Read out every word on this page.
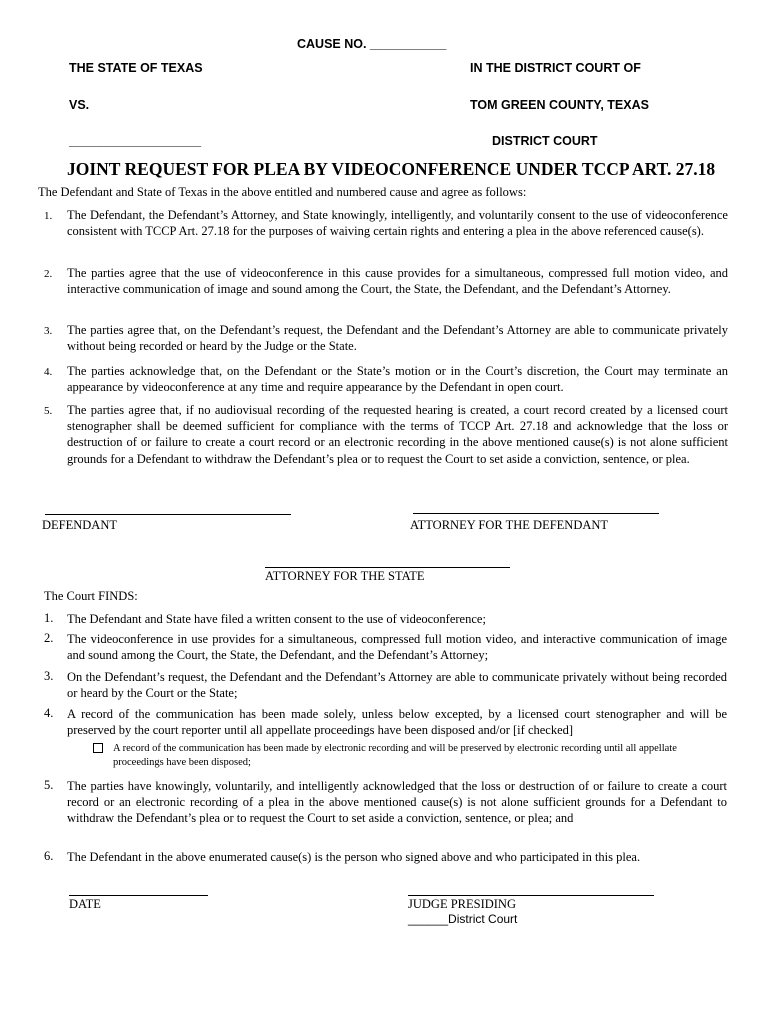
CAUSE NO. ___________
THE STATE OF TEXAS	IN THE DISTRICT COURT OF
VS.	TOM GREEN COUNTY, TEXAS
___________________	DISTRICT COURT
JOINT REQUEST FOR PLEA BY VIDEOCONFERENCE UNDER TCCP ART. 27.18
The Defendant and State of Texas in the above entitled and numbered cause and agree as follows:
1. The Defendant, the Defendant’s Attorney, and State knowingly, intelligently, and voluntarily consent to the use of videoconference consistent with TCCP Art. 27.18 for the purposes of waiving certain rights and entering a plea in the above referenced cause(s).
2. The parties agree that the use of videoconference in this cause provides for a simultaneous, compressed full motion video, and interactive communication of image and sound among the Court, the State, the Defendant, and the Defendant’s Attorney.
3. The parties agree that, on the Defendant’s request, the Defendant and the Defendant’s Attorney are able to communicate privately without being recorded or heard by the Judge or the State.
4. The parties acknowledge that, on the Defendant or the State’s motion or in the Court’s discretion, the Court may terminate an appearance by videoconference at any time and require appearance by the Defendant in open court.
5. The parties agree that, if no audiovisual recording of the requested hearing is created, a court record created by a licensed court stenographer shall be deemed sufficient for compliance with the terms of TCCP Art. 27.18 and acknowledge that the loss or destruction of or failure to create a court record or an electronic recording in the above mentioned cause(s) is not alone sufficient grounds for a Defendant to withdraw the Defendant’s plea or to request the Court to set aside a conviction, sentence, or plea.
DEFENDANT	ATTORNEY FOR THE DEFENDANT
ATTORNEY FOR THE STATE
The Court FINDS:
1. The Defendant and State have filed a written consent to the use of videoconference;
2. The videoconference in use provides for a simultaneous, compressed full motion video, and interactive communication of image and sound among the Court, the State, the Defendant, and the Defendant’s Attorney;
3. On the Defendant’s request, the Defendant and the Defendant’s Attorney are able to communicate privately without being recorded or heard by the Court or the State;
4. A record of the communication has been made solely, unless below excepted, by a licensed court stenographer and will be preserved by the court reporter until all appellate proceedings have been disposed and/or [if checked]
A record of the communication has been made by electronic recording and will be preserved by electronic recording until all appellate proceedings have been disposed;
5. The parties have knowingly, voluntarily, and intelligently acknowledged that the loss or destruction of or failure to create a court record or an electronic recording of a plea in the above mentioned cause(s) is not alone sufficient grounds for a Defendant to withdraw the Defendant’s plea or to request the Court to set aside a conviction, sentence, or plea; and
6. The Defendant in the above enumerated cause(s) is the person who signed above and who participated in this plea.
DATE	JUDGE PRESIDING
______District Court
